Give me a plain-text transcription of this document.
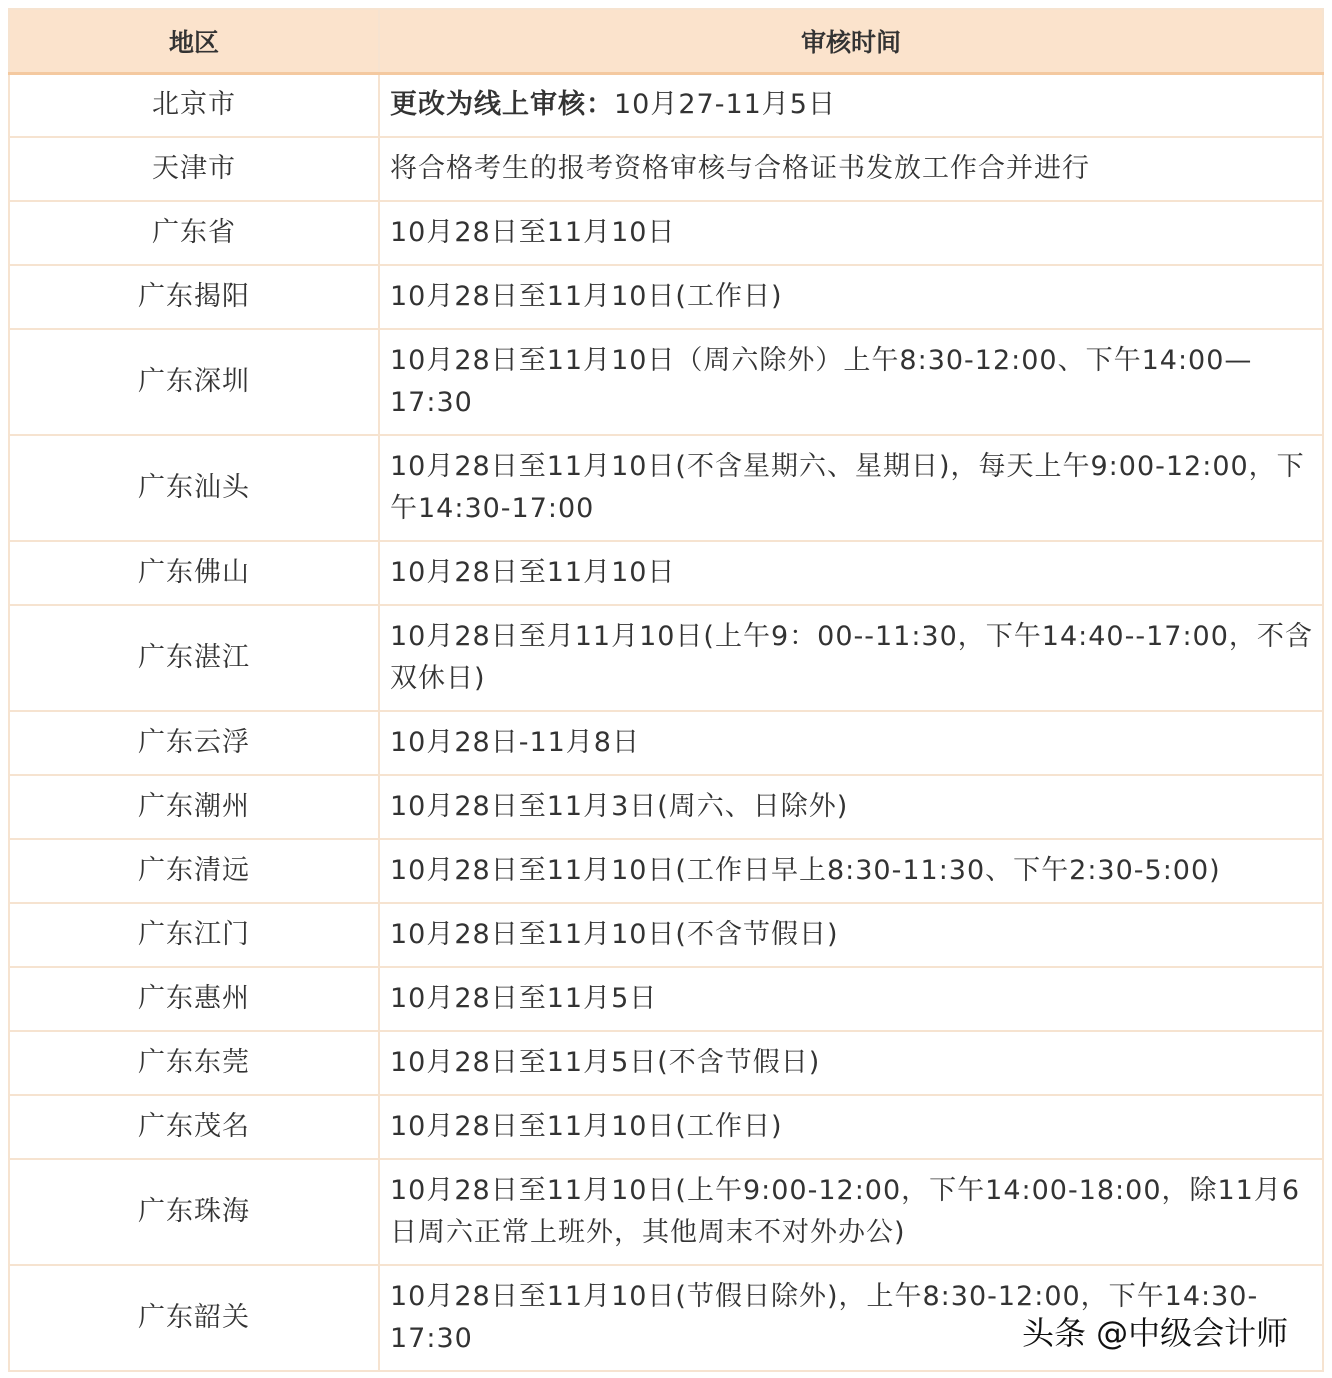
地区	审核时间
北京市	更改为线上审核：10月27-11月5日
天津市	将合格考生的报考资格审核与合格证书发放工作合并进行
广东省	10月28日至11月10日
广东揭阳	10月28日至11月10日(工作日)
广东深圳	10月28日至11月10日（周六除外）上午8:30-12:00、下午14:00—17:30
广东汕头	10月28日至11月10日(不含星期六、星期日)，每天上午9:00-12:00，下午14:30-17:00
广东佛山	10月28日至11月10日
广东湛江	10月28日至月11月10日(上午9：00--11:30，下午14:40--17:00，不含双休日)
广东云浮	10月28日-11月8日
广东潮州	10月28日至11月3日(周六、日除外)
广东清远	10月28日至11月10日(工作日早上8:30-11:30、下午2:30-5:00)
广东江门	10月28日至11月10日(不含节假日)
广东惠州	10月28日至11月5日
广东东莞	10月28日至11月5日(不含节假日)
广东茂名	10月28日至11月10日(工作日)
广东珠海	10月28日至11月10日(上午9:00-12:00，下午14:00-18:00，除11月6日周六正常上班外，其他周末不对外办公)
广东韶关	10月28日至11月10日(节假日除外)，上午8:30-12:00，下午14:30-17:30	头条 @中级会计师
